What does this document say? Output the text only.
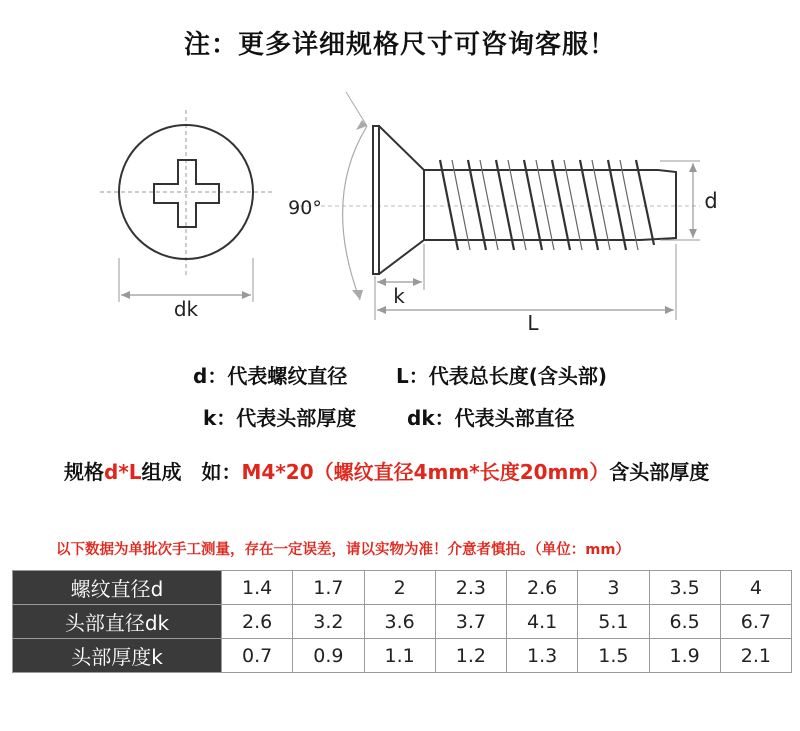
注：更多详细规格尺寸可咨询客服！
dk
90°
k
L
d
d：代表螺纹直径 L：代表总长度(含头部)
k：代表头部厚度	dk：代表头部直径
规格d*L组成　如：M4*20（螺纹直径4mm*长度20mm）含头部厚度
以下数据为单批次手工测量，存在一定误差，请以实物为准！介意者慎拍。（单位：mm）
螺纹直径d	1.4	1.7	2	2.3	2.6	3	3.5	4
头部直径dk	2.6	3.2	3.6	3.7	4.1	5.1	6.5	6.7
头部厚度k	0.7	0.9	1.1	1.2	1.3	1.5	1.9	2.1
